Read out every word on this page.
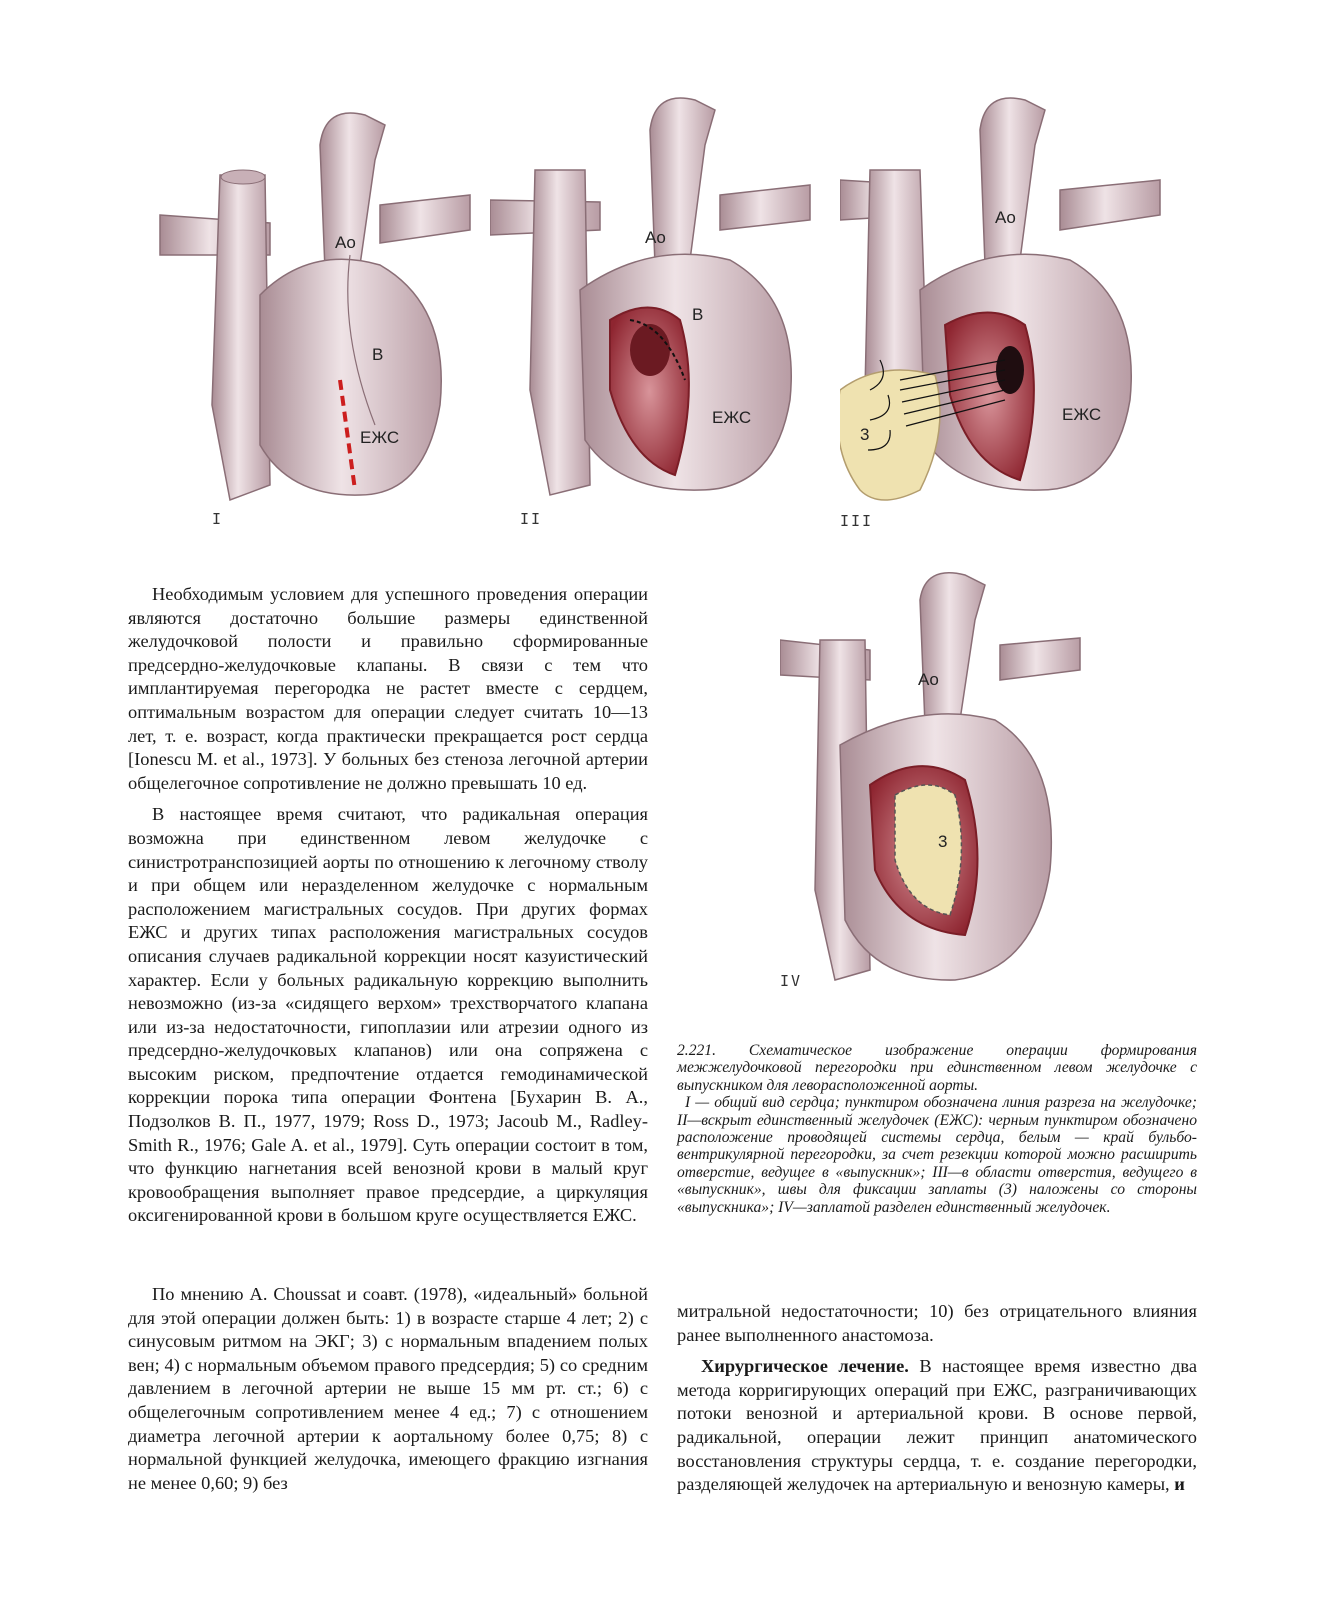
Ao
В
ЕЖС
I
Ao
В
ЕЖС
II
Ao
ЕЖС
3
III
Ao
3
IV

Необходимым условием для успешного проведения операции являются достаточно большие размеры единственной желудочковой полости и правильно сформированные предсердно-желудочковые клапаны. В связи с тем что имплантируемая перегородка не растет вместе с сердцем, оптимальным возрастом для операции следует считать 10—13 лет, т. е. возраст, когда практически прекращается рост сердца [Ionescu M. et al., 1973]. У больных без стеноза легочной артерии общелегочное сопротивление не должно превышать 10 ед.

В настоящее время считают, что радикальная операция возможна при единственном левом желудочке с синистротранспозицией аорты по отношению к легочному стволу и при общем или неразделенном желудочке с нормальным расположением магистральных сосудов. При других формах ЕЖС и других типах расположения магистральных сосудов описания случаев радикальной коррекции носят казуистический характер. Если у больных радикальную коррекцию выполнить невозможно (из-за «сидящего верхом» трехстворчатого клапана или из-за недостаточности, гипоплазии или атрезии одного из предсердно-желудочковых клапанов) или она сопряжена с высоким риском, предпочтение отдается гемодинамической коррекции порока типа операции Фонтена [Бухарин В. А., Подзолков В. П., 1977, 1979; Ross D., 1973; Jacoub M., Radley-Smith R., 1976; Gale A. et al., 1979]. Суть операции состоит в том, что функцию нагнетания всей венозной крови в малый круг кровообращения выполняет правое предсердие, а циркуляция оксигенированной крови в большом круге осуществляется ЕЖС.

По мнению A. Choussat и соавт. (1978), «идеальный» больной для этой операции должен быть: 1) в возрасте старше 4 лет; 2) с синусовым ритмом на ЭКГ; 3) с нормальным впадением полых вен; 4) с нормальным объемом правого предсердия; 5) со средним давлением в легочной артерии не выше 15 мм рт. ст.; 6) с общелегочным сопротивлением менее 4 ед.; 7) с отношением диаметра легочной артерии к аортальному более 0,75; 8) с нормальной функцией желудочка, имеющего фракцию изгнания не менее 0,60; 9) без

2.221. Схематическое изображение операции формирования межжелудочковой перегородки при единственном левом желудочке с выпускником для леворасположенной аорты.

I — общий вид сердца; пунктиром обозначена линия разреза на желудочке; II—вскрыт единственный желудочек (ЕЖС): черным пунктиром обозначено расположение проводящей системы сердца, белым — край бульбо-вентрикулярной перегородки, за счет резекции которой можно расширить отверстие, ведущее в «выпускник»; III—в области отверстия, ведущего в «выпускник», швы для фиксации заплаты (3) наложены со стороны «выпускника»; IV—заплатой разделен единственный желудочек.

митральной недостаточности; 10) без отрицательного влияния ранее выполненного анастомоза.

Хирургическое лечение. В настоящее время известно два метода корригирующих операций при ЕЖС, разграничивающих потоки венозной и артериальной крови. В основе первой, радикальной, операции лежит принцип анатомического восстановления структуры сердца, т. е. создание перегородки, разделяющей желудочек на артериальную и венозную камеры, и
